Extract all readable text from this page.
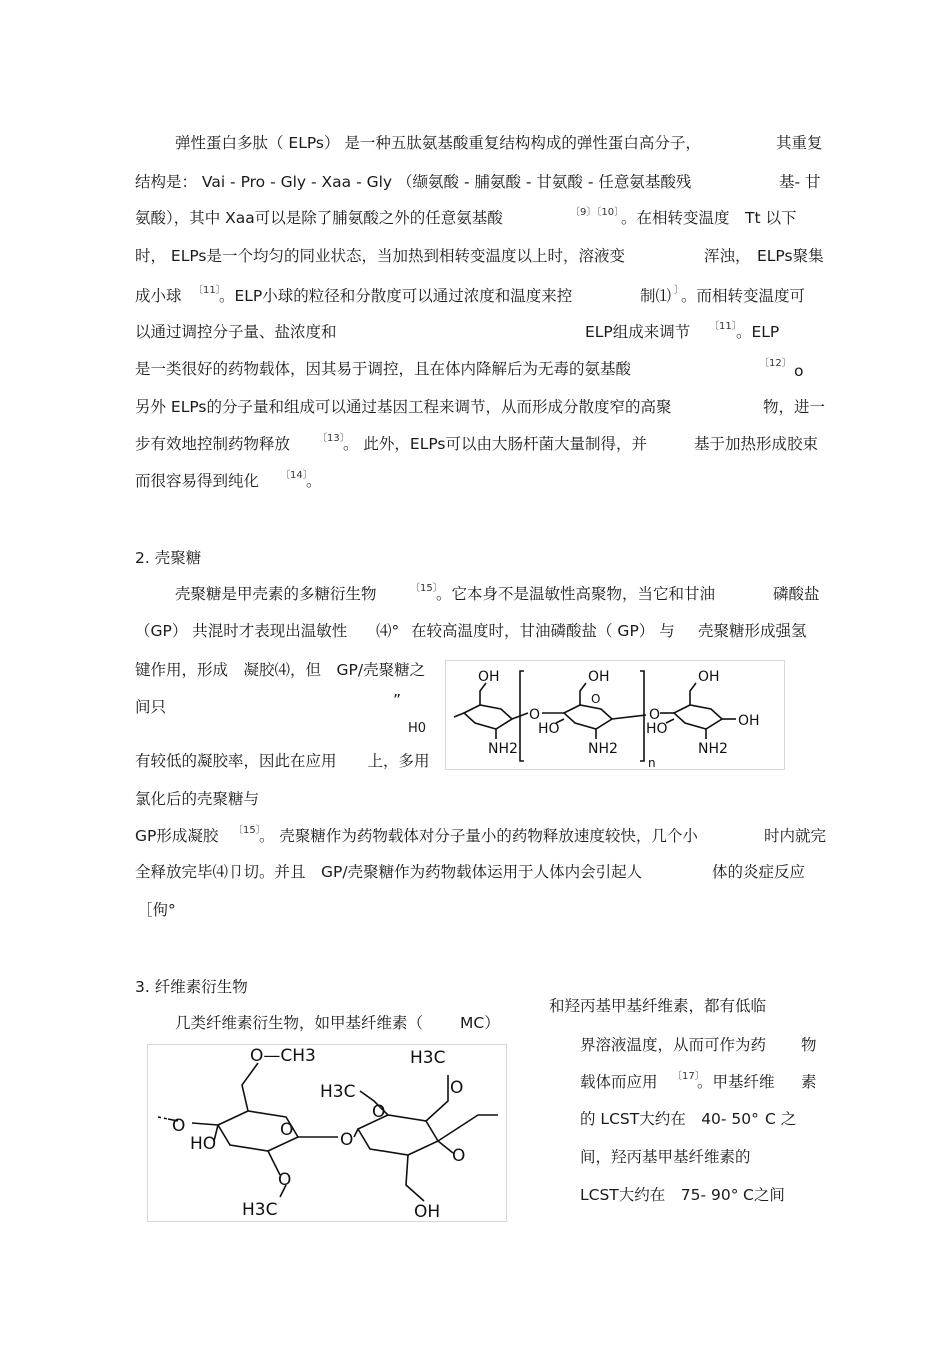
弹性蛋白多肽（ ELPs） 是一种五肽氨基酸重复结构构成的弹性蛋白高分子，	其重复
结构是： Vai - Pro - Gly - Xaa - Gly （缬氨酸 - 脯氨酸 - 甘氨酸 - 任意氨基酸残	基- 甘
氨酸），其中 Xaa可以是除了脯氨酸之外的任意氨基酸	〔9〕〔10〕
。在相转变温度　Tt 以下
时， ELPs是一个均匀的同业状态，当加热到相转变温度以上时，溶液变	浑浊， ELPs聚集
成小球 〔11〕
。ELP小球的粒径和分散度可以通过浓度和温度来控	制⑴ 〕
。而相转变温度可
以通过调控分子量、盐浓度和	ELP组成来调节 〔11〕
。ELP
是一类很好的药物载体，因其易于调控，且在体内降解后为无毒的氨基酸	〔12〕 o
另外 ELPs的分子量和组成可以通过基因工程来调节，从而形成分散度窄的高聚	物，进一
步有效地控制药物释放	〔13〕
。 此外，ELPs可以由大肠杆菌大量制得，并	基于加热形成胶束
而很容易得到纯化 〔14〕
。
2. 壳聚糖
壳聚糖是甲壳素的多糖衍生物	〔15〕
。它本身不是温敏性高聚物，当它和甘油	磷酸盐
（GP） 共混时才表现出温敏性 ⑷° 在较高温度时，甘油磷酸盐（ GP） 与 壳聚糖形成强氢
键作用，形成　凝胶⑷，但　GP/壳聚糖之
间只	”
H0
有较低的凝胶率，因此在应用　　上，多用
氯化后的壳聚糖与
OH	OH	OH
O	O
O
OH
HO	HO
NH2	NH2	NH2
n
GP形成凝胶 〔15〕
。 壳聚糖作为药物载体对分子量小的药物释放速度较快，几个小	时内就完
全释放完毕⑷卩切。并且　GP/壳聚糖作为药物载体运用于人体内会引起人	体的炎症反应
［佝°
3. 纤维素衍生物
和羟丙基甲基纤维素，都有低临
几类纤维素衍生物，如甲基纤维素（ MC）
界溶液温度，从而可作为药 物
载体而应用 〔17〕
。甲基纤维 素
的 LCST大约在　40- 50° C 之
间，羟丙基甲基纤维素的
LCST大约在　75- 90° C之间
O—CH3	H3C
O
H3C
O
O
O
O
HO
O
O
H3C	OH
